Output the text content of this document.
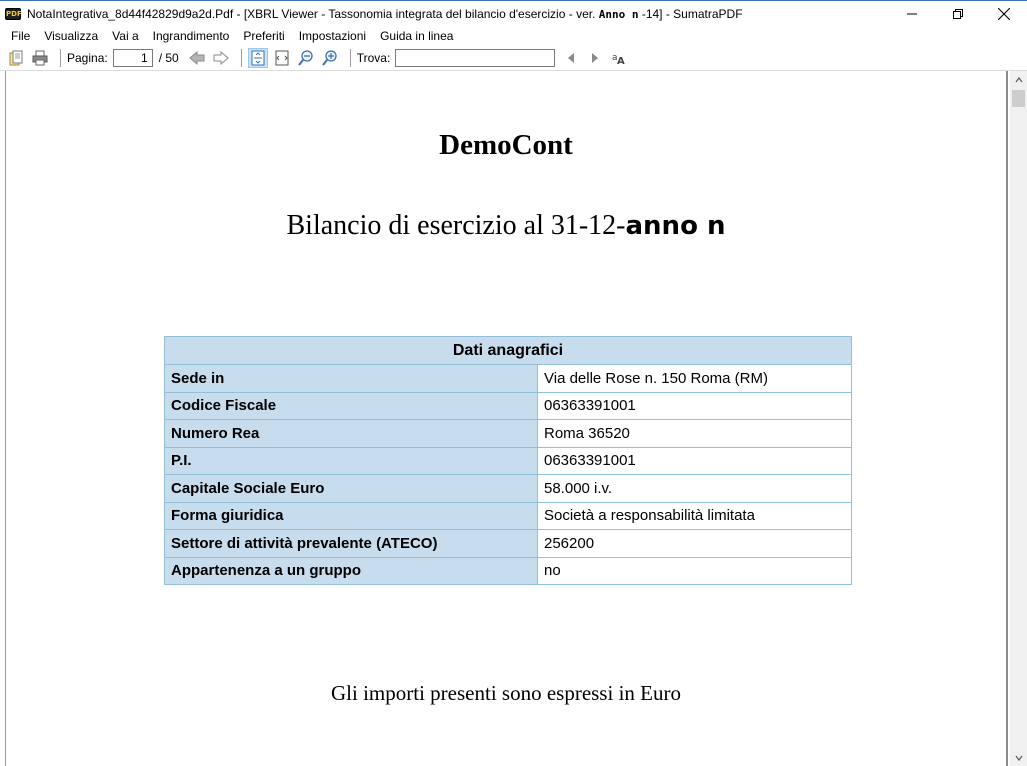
PDF NotaIntegrativa_8d44f42829d9a2d.Pdf - [XBRL Viewer - Tassonomia integrata del bilancio d'esercizio - ver. Anno n -14] - SumatraPDF
File	Visualizza	Vai a	Ingrandimento	Preferiti	Impostazioni	Guida in linea
Pagina:
1	/ 50	Trova:	a A
DemoCont
Bilancio di esercizio al 31-12-anno n
Dati anagrafici	
Sede in	Via delle Rose n. 150 Roma (RM)
Codice Fiscale	06363391001
Numero Rea	Roma 36520
P.I.	06363391001
Capitale Sociale Euro	58.000 i.v.
Forma giuridica	Società a responsabilità limitata
Settore di attività prevalente (ATECO)	256200
Appartenenza a un gruppo	no
Gli importi presenti sono espressi in Euro
